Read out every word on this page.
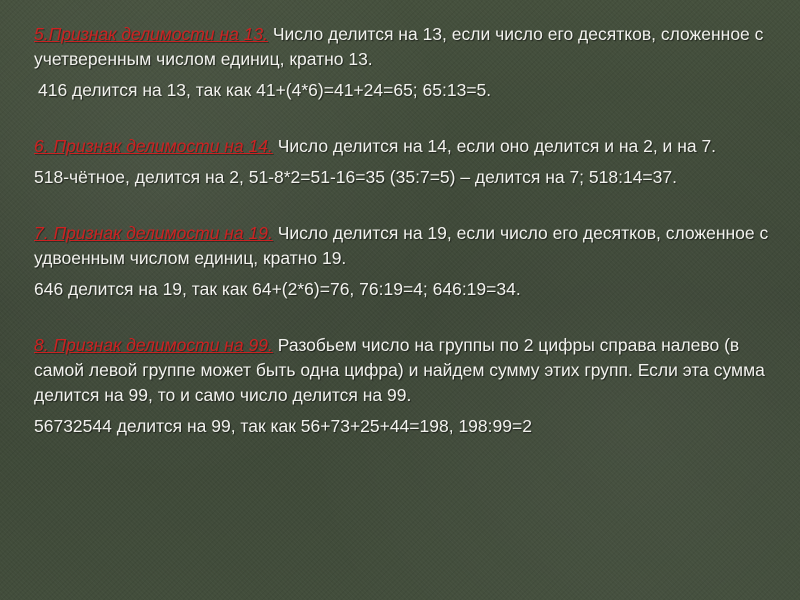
5.Признак делимости на 13. Число делится на 13, если число его десятков, сложенное с учетверенным числом единиц, кратно 13.

416 делится на 13, так как 41+(4*6)=41+24=65; 65:13=5.

6. Признак делимости на 14. Число делится на 14, если оно делится и на 2, и на 7.

518-чётное, делится на 2, 51-8*2=51-16=35 (35:7=5) – делится на 7; 518:14=37.

7. Признак делимости на 19. Число делится на 19, если число его десятков, сложенное с удвоенным числом единиц, кратно 19.

646 делится на 19, так как 64+(2*6)=76, 76:19=4; 646:19=34.

8. Признак делимости на 99. Разобьем число на группы по 2 цифры справа налево (в самой левой группе может быть одна цифра) и найдем сумму этих групп. Если эта сумма делится на 99, то и само число делится на 99.

56732544 делится на 99, так как 56+73+25+44=198, 198:99=2
